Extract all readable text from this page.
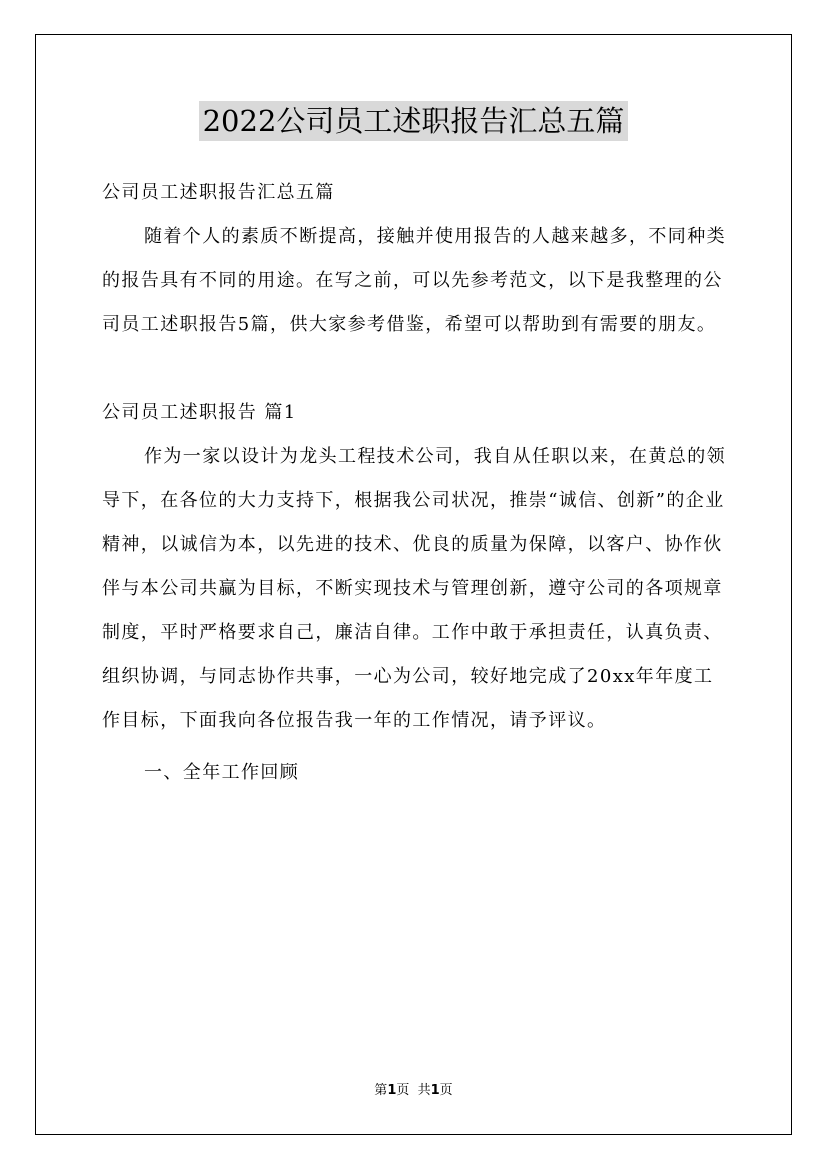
2022公司员工述职报告汇总五篇

公司员工述职报告汇总五篇

随着个人的素质不断提高，接触并使用报告的人越来越多，不同种类的报告具有不同的用途。在写之前，可以先参考范文，以下是我整理的公司员工述职报告5篇，供大家参考借鉴，希望可以帮助到有需要的朋友。

公司员工述职报告 篇1

作为一家以设计为龙头工程技术公司，我自从任职以来，在黄总的领导下，在各位的大力支持下，根据我公司状况，推崇“诚信、创新”的企业精神，以诚信为本，以先进的技术、优良的质量为保障，以客户、协作伙伴与本公司共赢为目标，不断实现技术与管理创新，遵守公司的各项规章制度，平时严格要求自己，廉洁自律。工作中敢于承担责任，认真负责、组织协调，与同志协作共事，一心为公司，较好地完成了20xx年年度工作目标，下面我向各位报告我一年的工作情况，请予评议。

一、全年工作回顾

第1页  共1页
